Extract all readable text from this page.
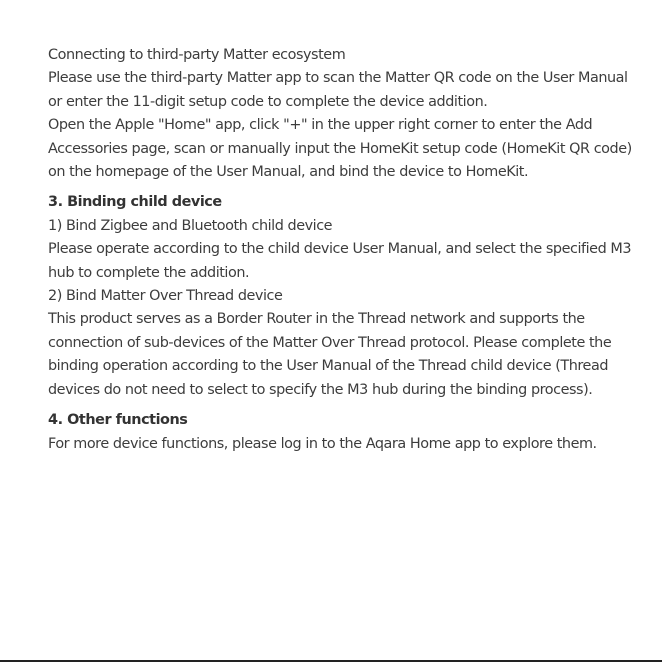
Connecting to third-party Matter ecosystem

Please use the third-party Matter app to scan the Matter QR code on the User Manual

or enter the 11-digit setup code to complete the device addition.

Open the Apple "Home" app, click "+" in the upper right corner to enter the Add

Accessories page, scan or manually input the HomeKit setup code (HomeKit QR code)

on the homepage of the User Manual, and bind the device to HomeKit.

3. Binding child device

1) Bind Zigbee and Bluetooth child device

Please operate according to the child device User Manual, and select the specified M3

hub to complete the addition.

2) Bind Matter Over Thread device

This product serves as a Border Router in the Thread network and supports the

connection of sub-devices of the Matter Over Thread protocol. Please complete the

binding operation according to the User Manual of the Thread child device (Thread

devices do not need to select to specify the M3 hub during the binding process).

4. Other functions

For more device functions, please log in to the Aqara Home app to explore them.
